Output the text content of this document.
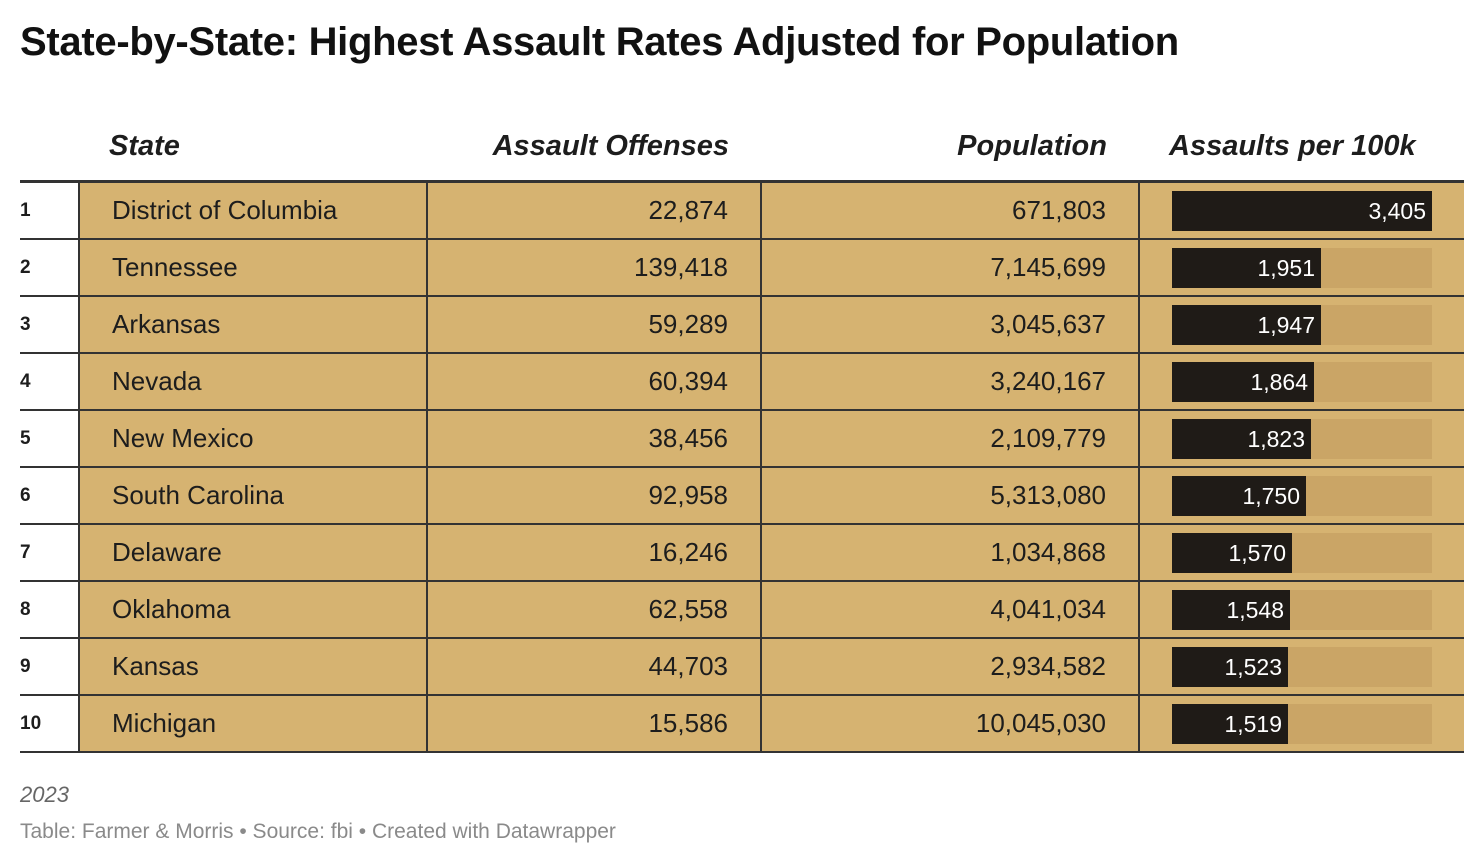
State-by-State: Highest Assault Rates Adjusted for Population
	State	Assault Offenses	Population	Assaults per 100k
1	District of Columbia	22,874	671,803	3,405

2	Tennessee	139,418	7,145,699	1,951

3	Arkansas	59,289	3,045,637	1,947

4	Nevada	60,394	3,240,167	1,864

5	New Mexico	38,456	2,109,779	1,823

6	South Carolina	92,958	5,313,080	1,750

7	Delaware	16,246	1,034,868	1,570

8	Oklahoma	62,558	4,041,034	1,548

9	Kansas	44,703	2,934,582	1,523

10	Michigan	15,586	10,045,030	1,519
2023
Table: Farmer & Morris • Source: fbi • Created with Datawrapper
